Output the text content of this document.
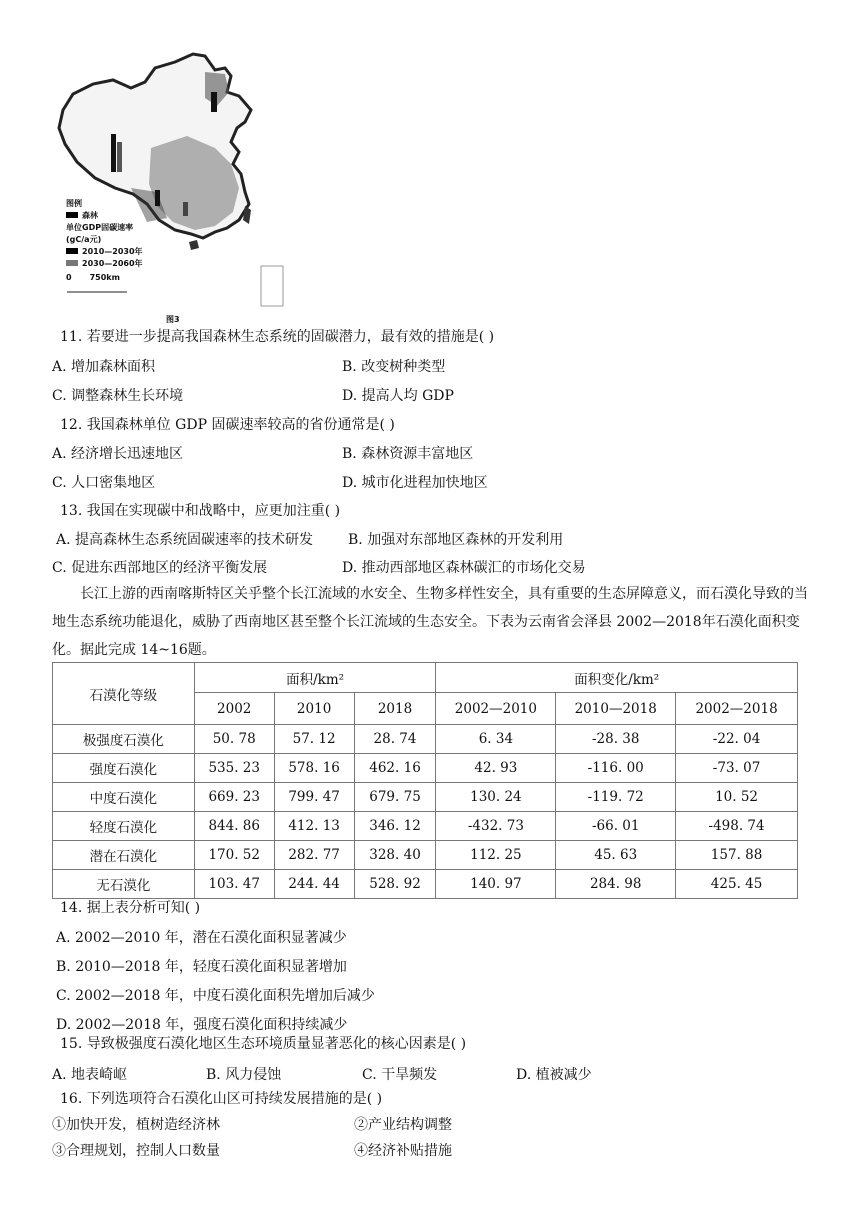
图例
森林
单位GDP固碳速率
(gC/a元)
2010—2030年
2030—2060年
0 750km
图3
11. 若要进一步提高我国森林生态系统的固碳潜力，最有效的措施是( )
A. 增加森林面积	B. 改变树种类型
C. 调整森林生长环境	D. 提高人均 GDP
12. 我国森林单位 GDP 固碳速率较高的省份通常是( )
A. 经济增长迅速地区	B. 森林资源丰富地区
C. 人口密集地区	D. 城市化进程加快地区
13. 我国在实现碳中和战略中，应更加注重( )
A. 提高森林生态系统固碳速率的技术研发 B. 加强对东部地区森林的开发利用
C. 促进东西部地区的经济平衡发展	D. 推动西部地区森林碳汇的市场化交易
长江上游的西南喀斯特区关乎整个长江流域的水安全、生物多样性安全，具有重要的生态屏障意义，而石漠化导致的当地生态系统功能退化，威胁了西南地区甚至整个长江流域的生态安全。下表为云南省会泽县 2002—2018年石漠化面积变化。据此完成 14~16题。
石漠化等级	面积/km²			面积变化/km²		
	2002	2010	2018	2002—2010	2010—2018	2002—2018
极强度石漠化	50. 78	57. 12	28. 74	6. 34	-28. 38	-22. 04
强度石漠化	535. 23	578. 16	462. 16	42. 93	-116. 00	-73. 07
中度石漠化	669. 23	799. 47	679. 75	130. 24	-119. 72	10. 52
轻度石漠化	844. 86	412. 13	346. 12	-432. 73	-66. 01	-498. 74
潜在石漠化	170. 52	282. 77	328. 40	112. 25	45. 63	157. 88
无石漠化	103. 47	244. 44	528. 92	140. 97	284. 98	425. 45
14. 据上表分析可知( )
A. 2002—2010 年，潜在石漠化面积显著减少
B. 2010—2018 年，轻度石漠化面积显著增加
C. 2002—2018 年，中度石漠化面积先增加后减少
D. 2002—2018 年，强度石漠化面积持续减少
15. 导致极强度石漠化地区生态环境质量显著恶化的核心因素是( )
A. 地表崎岖	B. 风力侵蚀	C. 干旱频发	D. 植被减少
16. 下列选项符合石漠化山区可持续发展措施的是( )
①加快开发，植树造经济林	②产业结构调整
③合理规划，控制人口数量	④经济补贴措施
